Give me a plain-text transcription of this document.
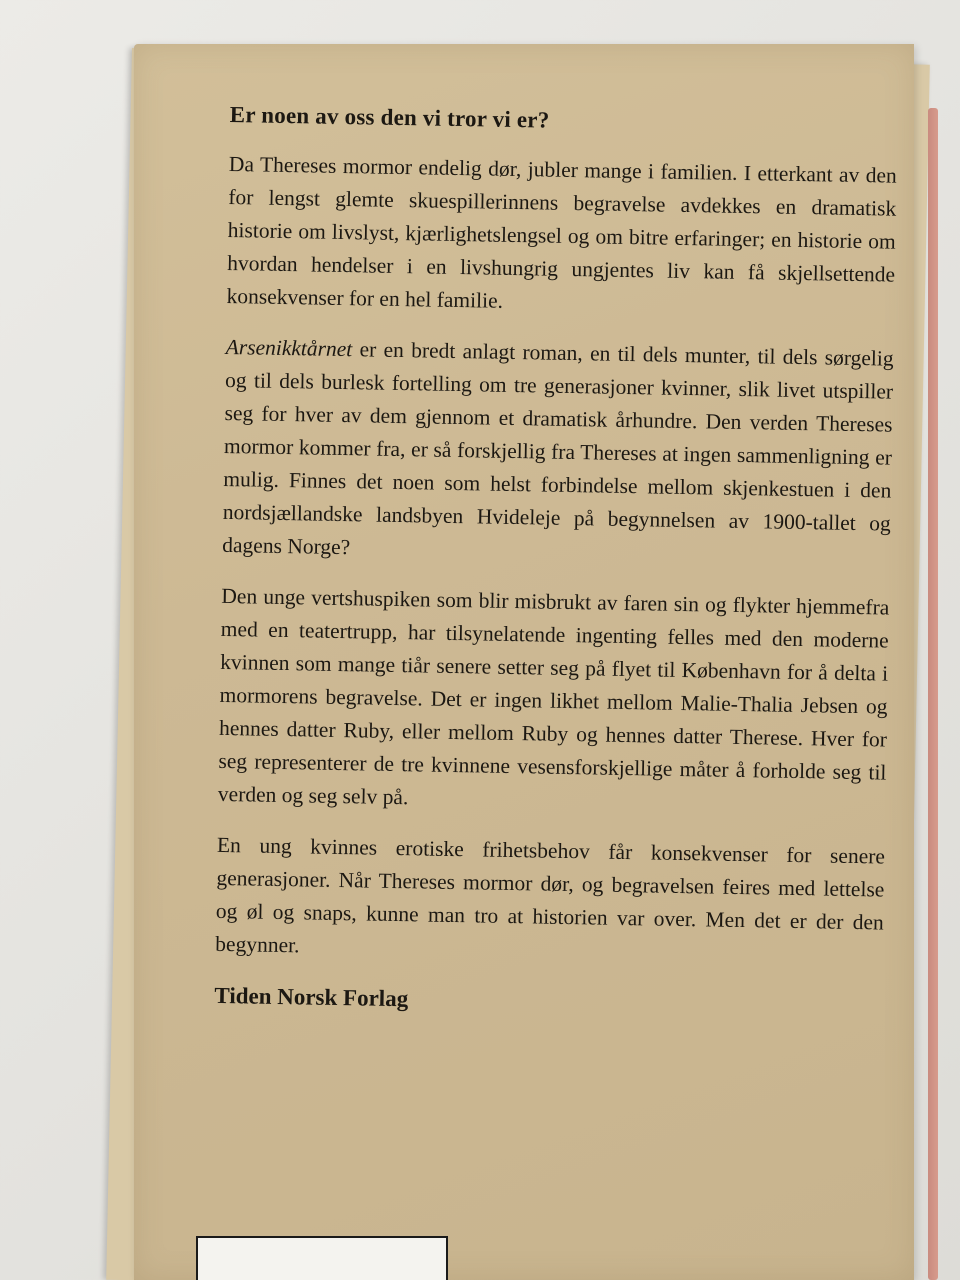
Er noen av oss den vi tror vi er?

Da Thereses mormor endelig dør, jubler mange i familien. I etterkant av den for lengst glemte skuespillerinnens begravelse avdekkes en dramatisk historie om livslyst, kjærlighetslengsel og om bitre erfaringer; en historie om hvordan hendelser i en livshungrig ungjentes liv kan få skjellsettende konsekvenser for en hel familie.

Arsenikktårnet er en bredt anlagt roman, en til dels munter, til dels sørgelig og til dels burlesk fortelling om tre generasjoner kvinner, slik livet utspiller seg for hver av dem gjennom et dramatisk århundre. Den verden Thereses mormor kommer fra, er så forskjellig fra Thereses at ingen sammenligning er mulig. Finnes det noen som helst forbindelse mellom skjenkestuen i den nordsjællandske landsbyen Hvideleje på begynnelsen av 1900-tallet og dagens Norge?

Den unge vertshuspiken som blir misbrukt av faren sin og flykter hjemmefra med en teatertrupp, har tilsynelatende ingenting felles med den moderne kvinnen som mange tiår senere setter seg på flyet til København for å delta i mormorens begravelse. Det er ingen likhet mellom Malie-Thalia Jebsen og hennes datter Ruby, eller mellom Ruby og hennes datter Therese. Hver for seg representerer de tre kvinnene vesensforskjellige måter å forholde seg til verden og seg selv på.

En ung kvinnes erotiske frihetsbehov får konsekvenser for senere generasjoner. Når Thereses mormor dør, og begravelsen feires med lettelse og øl og snaps, kunne man tro at historien var over. Men det er der den begynner.

Tiden Norsk Forlag
